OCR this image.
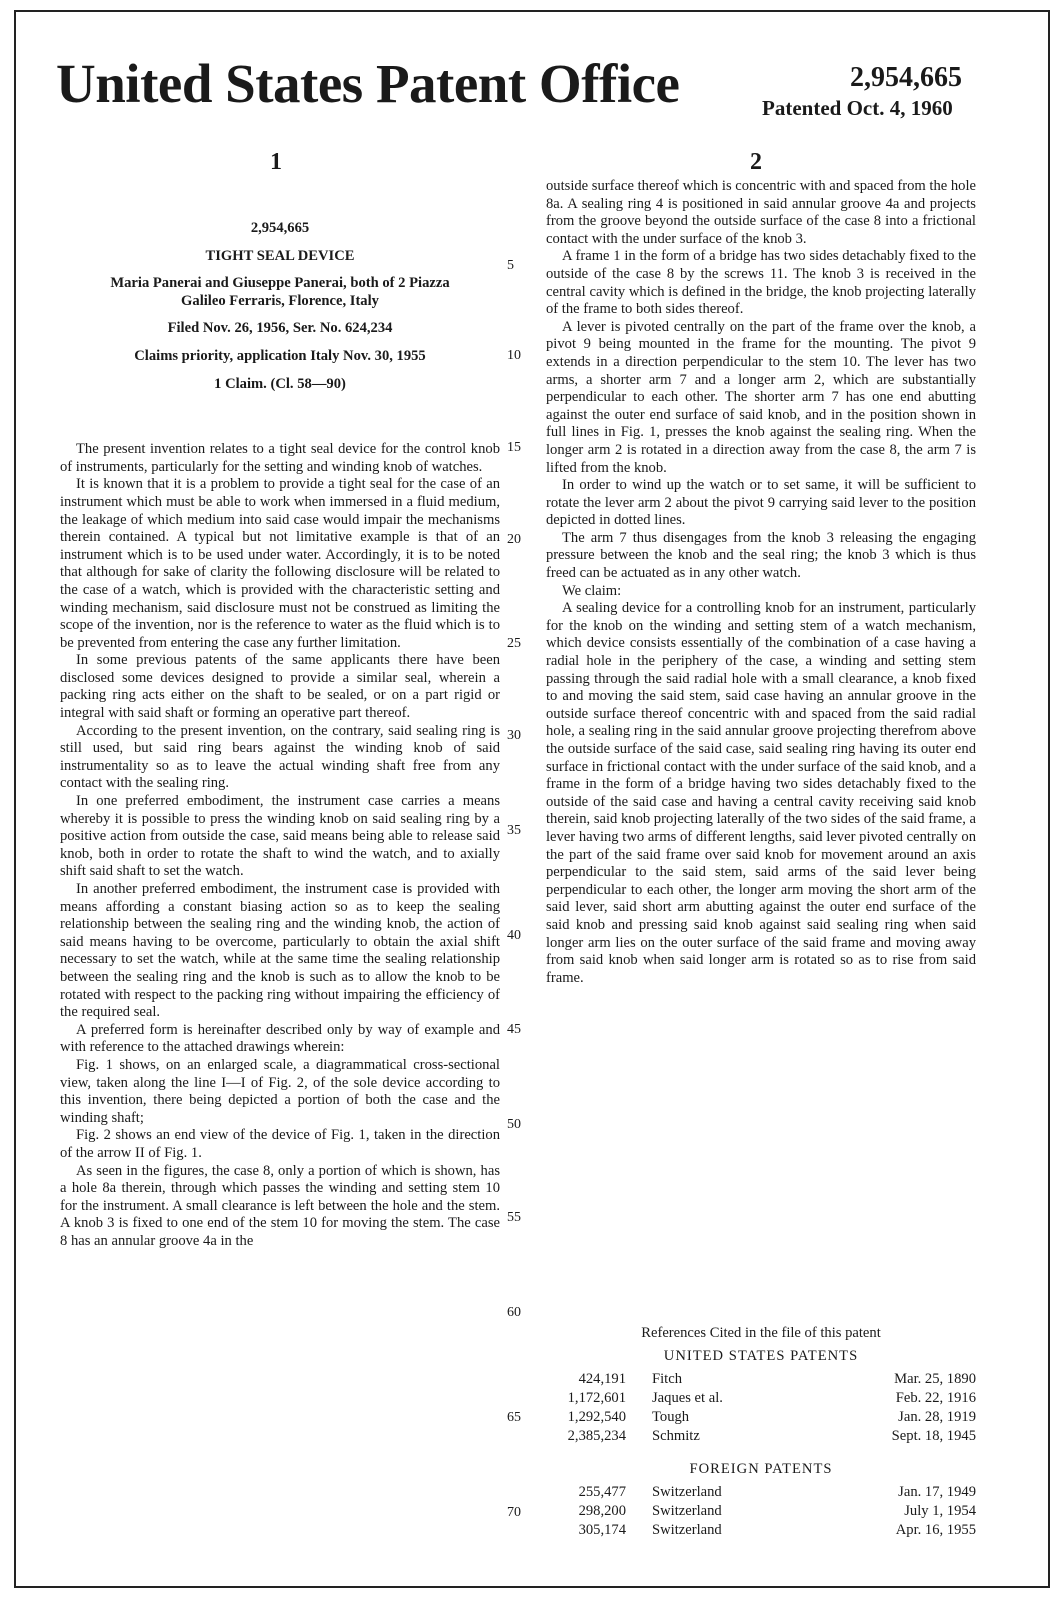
United States Patent Office	2,954,665
Patented Oct. 4, 1960
1	2

2,954,665

TIGHT SEAL DEVICE

Maria Panerai and Giuseppe Panerai, both of 2 Piazza

Galileo Ferraris, Florence, Italy

Filed Nov. 26, 1956, Ser. No. 624,234

Claims priority, application Italy Nov. 30, 1955

1 Claim. (Cl. 58—90)

The present invention relates to a tight seal device for the control knob of instruments, particularly for the setting and winding knob of watches.

It is known that it is a problem to provide a tight seal for the case of an instrument which must be able to work when immersed in a fluid medium, the leakage of which medium into said case would impair the mechanisms therein contained. A typical but not limitative example is that of an instrument which is to be used under water. Accordingly, it is to be noted that although for sake of clarity the following disclosure will be related to the case of a watch, which is provided with the characteristic setting and winding mechanism, said disclosure must not be construed as limiting the scope of the invention, nor is the reference to water as the fluid which is to be prevented from entering the case any further limitation.

In some previous patents of the same applicants there have been disclosed some devices designed to provide a similar seal, wherein a packing ring acts either on the shaft to be sealed, or on a part rigid or integral with said shaft or forming an operative part thereof.

According to the present invention, on the contrary, said sealing ring is still used, but said ring bears against the winding knob of said instrumentality so as to leave the actual winding shaft free from any contact with the sealing ring.

In one preferred embodiment, the instrument case carries a means whereby it is possible to press the winding knob on said sealing ring by a positive action from outside the case, said means being able to release said knob, both in order to rotate the shaft to wind the watch, and to axially shift said shaft to set the watch.

In another preferred embodiment, the instrument case is provided with means affording a constant biasing action so as to keep the sealing relationship between the sealing ring and the winding knob, the action of said means having to be overcome, particularly to obtain the axial shift necessary to set the watch, while at the same time the sealing relationship between the sealing ring and the knob is such as to allow the knob to be rotated with respect to the packing ring without impairing the efficiency of the required seal.

A preferred form is hereinafter described only by way of example and with reference to the attached drawings wherein:

Fig. 1 shows, on an enlarged scale, a diagrammatical cross-sectional view, taken along the line I—I of Fig. 2, of the sole device according to this invention, there being depicted a portion of both the case and the winding shaft;

Fig. 2 shows an end view of the device of Fig. 1, taken in the direction of the arrow II of Fig. 1.

As seen in the figures, the case 8, only a portion of which is shown, has a hole 8a therein, through which passes the winding and setting stem 10 for the instrument. A small clearance is left between the hole and the stem. A knob 3 is fixed to one end of the stem 10 for moving the stem. The case 8 has an annular groove 4a in the

5
10
15
20
25
30
35
40
45
50
55
60
65
70

outside surface thereof which is concentric with and spaced from the hole 8a. A sealing ring 4 is positioned in said annular groove 4a and projects from the groove beyond the outside surface of the case 8 into a frictional contact with the under surface of the knob 3.

A frame 1 in the form of a bridge has two sides detachably fixed to the outside of the case 8 by the screws 11. The knob 3 is received in the central cavity which is defined in the bridge, the knob projecting laterally of the frame to both sides thereof.

A lever is pivoted centrally on the part of the frame over the knob, a pivot 9 being mounted in the frame for the mounting. The pivot 9 extends in a direction perpendicular to the stem 10. The lever has two arms, a shorter arm 7 and a longer arm 2, which are substantially perpendicular to each other. The shorter arm 7 has one end abutting against the outer end surface of said knob, and in the position shown in full lines in Fig. 1, presses the knob against the sealing ring. When the longer arm 2 is rotated in a direction away from the case 8, the arm 7 is lifted from the knob.

In order to wind up the watch or to set same, it will be sufficient to rotate the lever arm 2 about the pivot 9 carrying said lever to the position depicted in dotted lines.

The arm 7 thus disengages from the knob 3 releasing the engaging pressure between the knob and the seal ring; the knob 3 which is thus freed can be actuated as in any other watch.

We claim:

A sealing device for a controlling knob for an instrument, particularly for the knob on the winding and setting stem of a watch mechanism, which device consists essentially of the combination of a case having a radial hole in the periphery of the case, a winding and setting stem passing through the said radial hole with a small clearance, a knob fixed to and moving the said stem, said case having an annular groove in the outside surface thereof concentric with and spaced from the said radial hole, a sealing ring in the said annular groove projecting therefrom above the outside surface of the said case, said sealing ring having its outer end surface in frictional contact with the under surface of the said knob, and a frame in the form of a bridge having two sides detachably fixed to the outside of the said case and having a central cavity receiving said knob therein, said knob projecting laterally of the two sides of the said frame, a lever having two arms of different lengths, said lever pivoted centrally on the part of the said frame over said knob for movement around an axis perpendicular to the said stem, said arms of the said lever being perpendicular to each other, the longer arm moving the short arm of the said lever, said short arm abutting against the outer end surface of the said knob and pressing said knob against said sealing ring when said longer arm lies on the outer surface of the said frame and moving away from said knob when said longer arm is rotated so as to rise from said frame.

References Cited in the file of this patent

UNITED STATES PATENTS

424,191	Fitch	Mar. 25, 1890
1,172,601	Jaques et al.	Feb. 22, 1916
1,292,540	Tough	Jan. 28, 1919
2,385,234	Schmitz	Sept. 18, 1945

FOREIGN PATENTS

255,477	Switzerland	Jan. 17, 1949
298,200	Switzerland	July 1, 1954
305,174	Switzerland	Apr. 16, 1955
